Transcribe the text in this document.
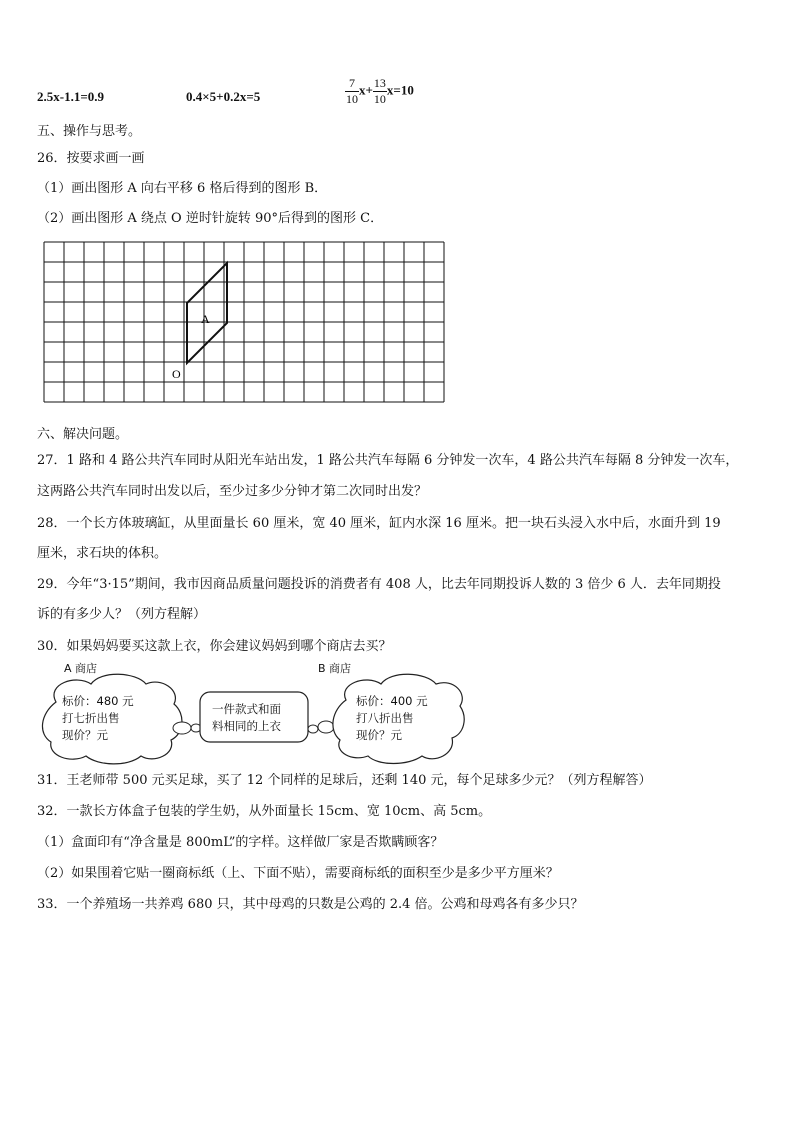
2.5x-1.1=0.9	0.4×5+0.2x=5	$\frac{7}{10} x+ \frac{13}{10} x=10$
五、操作与思考。
26．按要求画一画
（1）画出图形 A 向右平移 6 格后得到的图形 B．
（2）画出图形 A 绕点 O 逆时针旋转 90°后得到的图形 C．
A
O
六、解决问题。
27．1 路和 4 路公共汽车同时从阳光车站出发，1 路公共汽车每隔 6 分钟发一次车，4 路公共汽车每隔 8 分钟发一次车，
这两路公共汽车同时出发以后，至少过多少分钟才第二次同时出发？
28．一个长方体玻璃缸，从里面量长 60 厘米，宽 40 厘米，缸内水深 16 厘米。把一块石头浸入水中后，水面升到 19
厘米，求石块的体积。
29．今年“3·15”期间，我市因商品质量问题投诉的消费者有 408 人，比去年同期投诉人数的 3 倍少 6 人．去年同期投
诉的有多少人？（列方程解）
30．如果妈妈要买这款上衣，你会建议妈妈到哪个商店去买？
A 商店	B 商店
标价：480 元
打七折出售
现价？元
一件款式和面
料相同的上衣
标价：400 元
打八折出售
现价？元
31．王老师带 500 元买足球，买了 12 个同样的足球后，还剩 140 元，每个足球多少元？（列方程解答）
32．一款长方体盒子包装的学生奶，从外面量长 15cm、宽 10cm、高 5cm。
（1）盒面印有“净含量是 800mL”的字样。这样做厂家是否欺瞒顾客？
（2）如果围着它贴一圈商标纸（上、下面不贴），需要商标纸的面积至少是多少平方厘米？
33．一个养殖场一共养鸡 680 只，其中母鸡的只数是公鸡的 2.4 倍。公鸡和母鸡各有多少只？
